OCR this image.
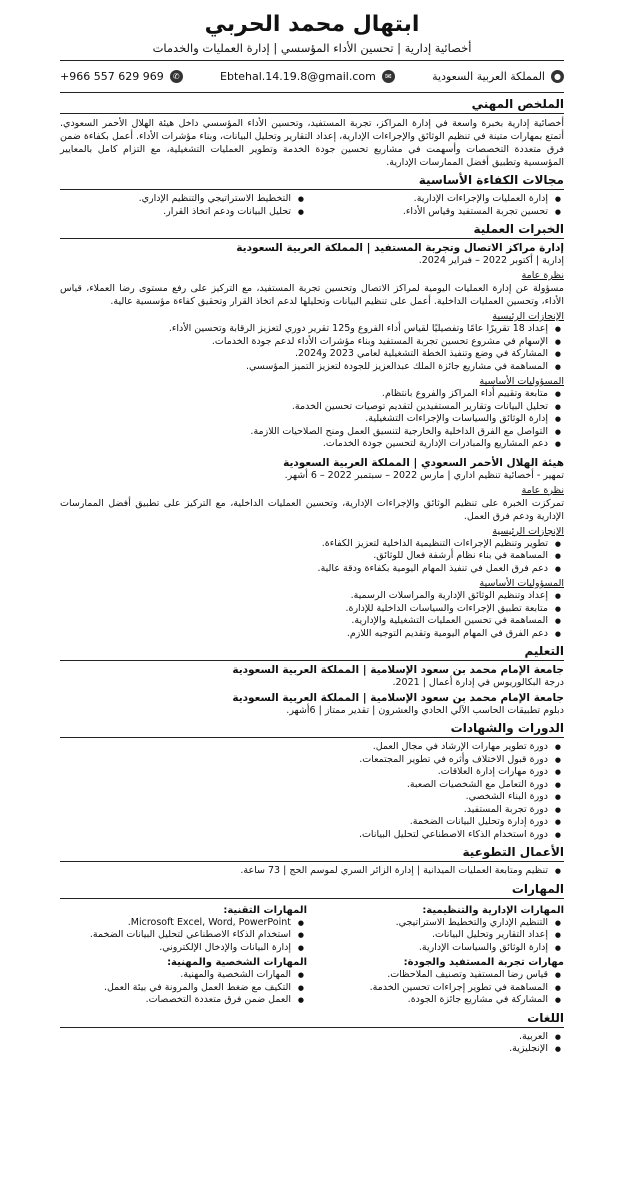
ابتهال محمد الحربي

أخصائية إدارية | تحسين الأداء المؤسسي | إدارة العمليات والخدمات

●
المملكة العربية السعودية
✉
Ebtehal.14.19.8@gmail.com
✆
+966 557 629 969
الملخص المهني

أخصائية إدارية بخبرة واسعة في إدارة المراكز، تجربة المستفيد، وتحسين الأداء المؤسسي داخل هيئة الهلال الأحمر السعودي. أتمتع بمهارات متينة في تنظيم الوثائق والإجراءات الإدارية، إعداد التقارير وتحليل البيانات، وبناء مؤشرات الأداء. أعمل بكفاءة ضمن فرق متعددة التخصصات وأسهمت في مشاريع تحسين جودة الخدمة وتطوير العمليات التشغيلية، مع التزام كامل بالمعايير المؤسسية وتطبيق أفضل الممارسات الإدارية.

مجالات الكفاءة الأساسية
● إدارة العمليات والإجراءات الإدارية.
● تحسين تجربة المستفيد وقياس الأداء.
● التخطيط الاستراتيجي والتنظيم الإداري.
● تحليل البيانات ودعم اتخاذ القرار.
الخبرات العملية
إدارة مراكز الاتصال وتجربة المستفيد | المملكة العربية السعودية
إدارية | أكتوبر 2022 – فبراير 2024.
نظرة عامة

مسؤولة عن إدارة العمليات اليومية لمراكز الاتصال وتحسين تجربة المستفيد، مع التركيز على رفع مستوى رضا العملاء، قياس الأداء، وتحسين العمليات الداخلية. أعمل على تنظيم البيانات وتحليلها لدعم اتخاذ القرار وتحقيق كفاءة مؤسسية عالية.

الإنجازات الرئيسية
● إعداد 18 تقريرًا عامًا وتفصيليًا لقياس أداء الفروع و125 تقرير دوري لتعزيز الرقابة وتحسين الأداء.
● الإسهام في مشروع تحسين تجربة المستفيد وبناء مؤشرات الأداء لدعم جودة الخدمات.
● المشاركة في وضع وتنفيذ الخطة التشغيلية لعامي 2023 و2024.
● المساهمة في مشاريع جائزة الملك عبدالعزيز للجودة لتعزيز التميز المؤسسي.
المسؤوليات الأساسية
● متابعة وتقييم أداء المراكز والفروع بانتظام.
● تحليل البيانات وتقارير المستفيدين لتقديم توصيات تحسين الخدمة.
● إدارة الوثائق والسياسات والإجراءات التشغيلية.
● التواصل مع الفرق الداخلية والخارجية لتنسيق العمل ومنح الصلاحيات اللازمة.
● دعم المشاريع والمبادرات الإدارية لتحسين جودة الخدمات.
هيئة الهلال الأحمر السعودي | المملكة العربية السعودية
تمهير - أخصائية تنظيم اداري | مارس 2022 – سبتمبر 2022 – 6 أشهر.
نظرة عامة

تمركزت الخبرة على تنظيم الوثائق والإجراءات الإدارية، وتحسين العمليات الداخلية، مع التركيز على تطبيق أفضل الممارسات الإدارية ودعم فرق العمل.

الإنجازات الرئيسية
● تطوير وتنظيم الإجراءات التنظيمية الداخلية لتعزيز الكفاءة.
● المساهمة في بناء نظام أرشفة فعال للوثائق.
● دعم فرق العمل في تنفيذ المهام اليومية بكفاءة ودقة عالية.
المسؤوليات الأساسية
● إعداد وتنظيم الوثائق الإدارية والمراسلات الرسمية.
● متابعة تطبيق الإجراءات والسياسات الداخلية للإدارة.
● المساهمة في تحسين العمليات التشغيلية والإدارية.
● دعم الفرق في المهام اليومية وتقديم التوجيه اللازم.
التعليم
جامعة الإمام محمد بن سعود الإسلامية | المملكة العربية السعودية
درجة البكالوريوس في إدارة أعمال | 2021.
جامعة الإمام محمد بن سعود الإسلامية | المملكة العربية السعودية
دبلوم تطبيقات الحاسب الآلي الحادي والعشرون | تقدير ممتاز | 6أشهر.
الدورات والشهادات
● دورة تطوير مهارات الإرشاد في مجال العمل.
● دورة قبول الاختلاف وأثره في تطوير المجتمعات.
● دورة مهارات إدارة العلاقات.
● دورة التعامل مع الشخصيات الصعبة.
● دورة البناء الشخصي.
● دورة تجربة المستفيد.
● دورة إدارة وتحليل البيانات الضخمة.
● دورة استخدام الذكاء الاصطناعي لتحليل البيانات.
الأعمال التطوعية
● تنظيم ومتابعة العمليات الميدانية | إدارة الزائر السري لموسم الحج | 73 ساعة.
المهارات
المهارات الإدارية والتنظيمية:
● التنظيم الإداري والتخطيط الاستراتيجي.
● إعداد التقارير وتحليل البيانات.
● إدارة الوثائق والسياسات الإدارية.
المهارات التقنية:
● Microsoft Excel, Word, PowerPoint.
● استخدام الذكاء الاصطناعي لتحليل البيانات الضخمة.
● إدارة البيانات والإدخال الإلكتروني.
مهارات تجربة المستفيد والجودة:
● قياس رضا المستفيد وتصنيف الملاحظات.
● المساهمة في تطوير إجراءات تحسين الخدمة.
● المشاركة في مشاريع جائزة الجودة.
المهارات الشخصية والمهنية:
● المهارات الشخصية والمهنية.
● التكيف مع ضغط العمل والمرونة في بيئة العمل.
● العمل ضمن فرق متعددة التخصصات.
اللغات
● العربية.
● الإنجليزية.
